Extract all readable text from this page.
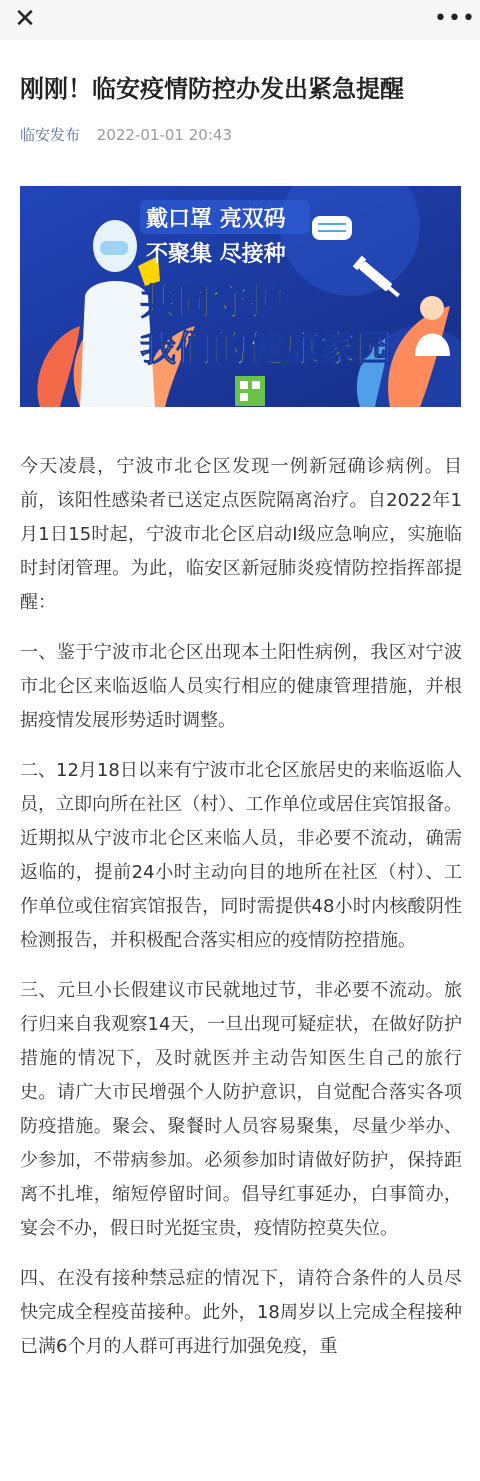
✕	•••
刚刚！临安疫情防控办发出紧急提醒
临安发布 2022-01-01 20:43
戴口罩 亮双码
不聚集 尽接种
共同守护
我们的健康家园

今天凌晨，宁波市北仑区发现一例新冠确诊病例。目前，该阳性感染者已送定点医院隔离治疗。自2022年1月1日15时起，宁波市北仑区启动I级应急响应，实施临时封闭管理。为此，临安区新冠肺炎疫情防控指挥部提醒：

一、鉴于宁波市北仑区出现本土阳性病例，我区对宁波市北仑区来临返临人员实行相应的健康管理措施，并根据疫情发展形势适时调整。

二、12月18日以来有宁波市北仑区旅居史的来临返临人员，立即向所在社区（村）、工作单位或居住宾馆报备。近期拟从宁波市北仑区来临人员，非必要不流动，确需返临的，提前24小时主动向目的地所在社区（村）、工作单位或住宿宾馆报告，同时需提供48小时内核酸阴性检测报告，并积极配合落实相应的疫情防控措施。

三、元旦小长假建议市民就地过节，非必要不流动。旅行归来自我观察14天，一旦出现可疑症状，在做好防护措施的情况下，及时就医并主动告知医生自己的旅行史。请广大市民增强个人防护意识，自觉配合落实各项防疫措施。聚会、聚餐时人员容易聚集，尽量少举办、少参加，不带病参加。必须参加时请做好防护，保持距离不扎堆，缩短停留时间。倡导红事延办，白事简办，宴会不办，假日时光挺宝贵，疫情防控莫失位。

四、在没有接种禁忌症的情况下，请符合条件的人员尽快完成全程疫苗接种。此外，18周岁以上完成全程接种已满6个月的人群可再进行加强免疫，重
